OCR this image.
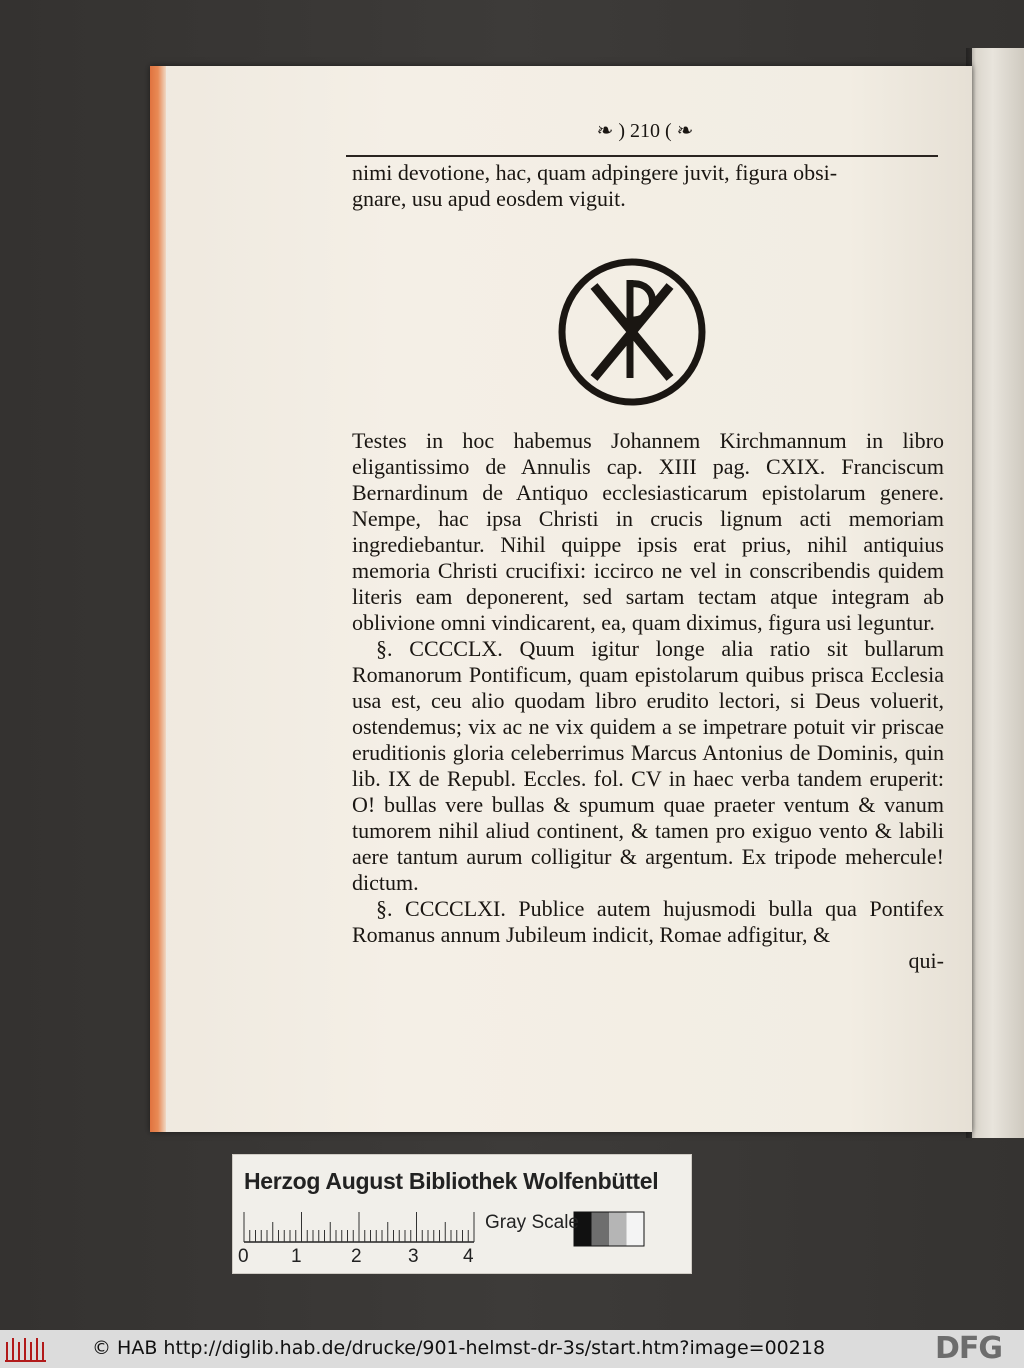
❧ ) 210 ( ❧

nimi devotione, hac, quam adpingere juvit, figura obsi-

gnare, usu apud eosdem viguit.

Testes in hoc habemus Johannem Kirchmannum in libro eligantissimo de Annulis cap. XIII pag. CXIX. Franciscum Bernardinum de Antiquo ecclesiasticarum epistolarum genere. Nempe, hac ipsa Christi in crucis lignum acti memoriam ingrediebantur. Nihil quippe ipsis erat prius, nihil antiquius memoria Christi crucifixi: iccirco ne vel in conscribendis quidem literis eam deponerent, sed sartam tectam atque integram ab oblivione omni vindicarent, ea, quam diximus, figura usi leguntur.

§. CCCCLX. Quum igitur longe alia ratio sit bullarum Romanorum Pontificum, quam epistolarum quibus prisca Ecclesia usa est, ceu alio quodam libro erudito lectori, si Deus voluerit, ostendemus; vix ac ne vix quidem a se impetrare potuit vir priscae eruditionis gloria celeberrimus Marcus Antonius de Dominis, quin lib. IX de Republ. Eccles. fol. CV in haec verba tandem eruperit: O! bullas vere bullas & spumum quae praeter ventum & vanum tumorem nihil aliud continent, & tamen pro exiguo vento & labili aere tantum aurum colligitur & argentum. Ex tripode mehercule! dictum.

§. CCCCLXI. Publice autem hujusmodi bulla qua Pontifex Romanus annum Jubileum indicit, Romae adfigitur, &

qui-

Herzog August Bibliothek Wolfenbüttel
Gray Scale
0 1	2 3 4
© HAB http://diglib.hab.de/drucke/901-helmst-dr-3s/start.htm?image=00218	DFG
